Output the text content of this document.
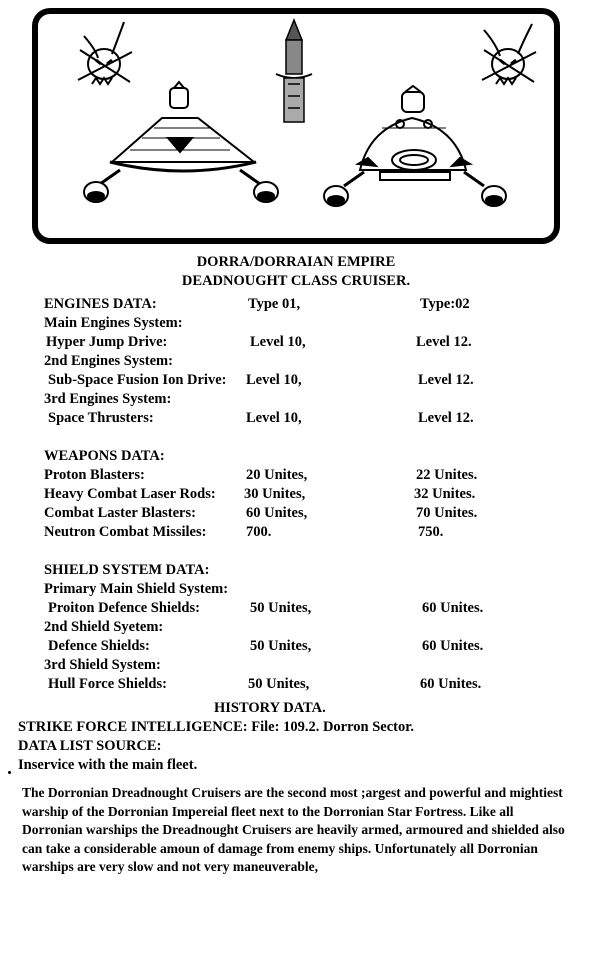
DORRA/DORRAIAN EMPIRE
DEADNOUGHT CLASS CRUISER.
ENGINES DATA:	Type 01,	Type:02
Main Engines System:
Hyper Jump Drive:	Level 10,	Level 12.
2nd Engines System:
Sub-Space Fusion Ion Drive: Level 10,	Level 12.
3rd Engines System:
Space Thrusters:	Level 10,	Level 12.
WEAPONS DATA:
Proton Blasters:	20 Unites,	22 Unites.
Heavy Combat Laser Rods: 30 Unites,	32 Unites.
Combat Laster Blasters:	60 Unites,	70 Unites.
Neutron Combat Missiles:	700.	750.
SHIELD SYSTEM DATA:
Primary Main Shield System:
Proiton Defence Shields:	50 Unites,	60 Unites.
2nd Shield Syetem:
Defence Shields:	50 Unites,	60 Unites.
3rd Shield System:
Hull Force Shields:	50 Unites,	60 Unites.
HISTORY DATA.
STRIKE FORCE INTELLIGENCE: File: 109.2. Dorron Sector.
DATA LIST SOURCE:
Inservice with the main fleet.
The Dorronian Dreadnought Cruisers are the second most ;argest and powerful and mightiest warship of the Dorronian Impereial fleet next to the Dorronian Star Fortress. Like all Dorronian warships the Dreadnought Cruisers are heavily armed, armoured and shielded also can take a considerable amoun of damage from enemy ships. Unfortunately all Dorronian warships are very slow and not very maneuverable,
